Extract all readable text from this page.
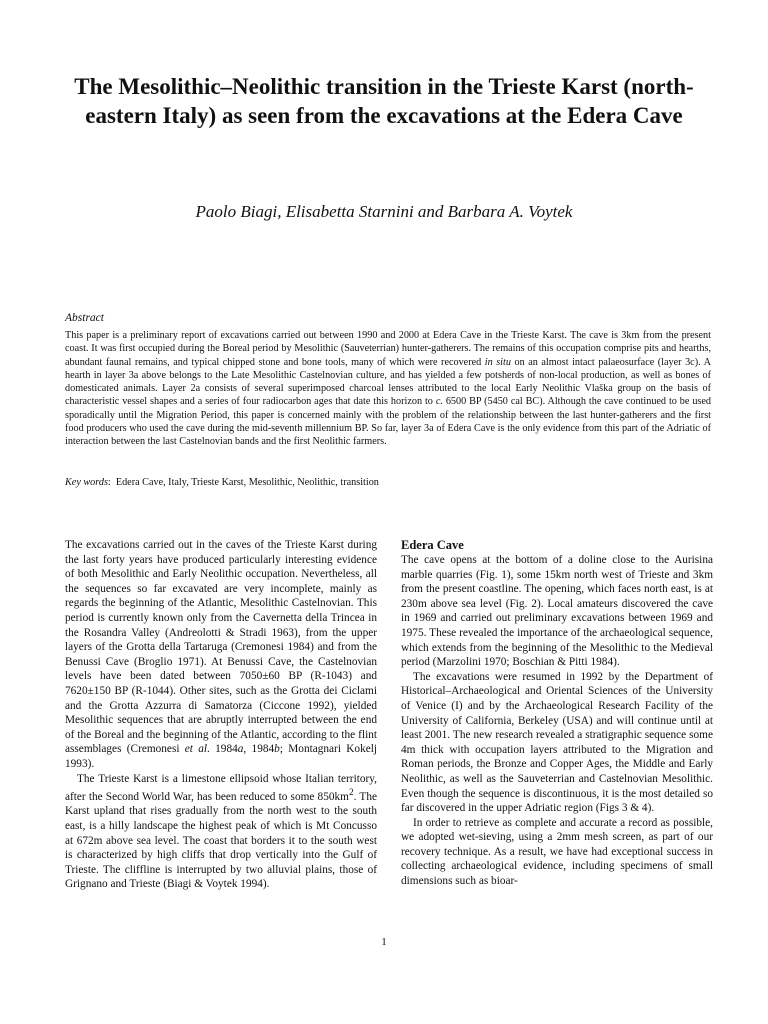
The Mesolithic–Neolithic transition in the Trieste Karst (north-eastern Italy) as seen from the excavations at the Edera Cave

Paolo Biagi, Elisabetta Starnini and Barbara A. Voytek

Abstract

This paper is a preliminary report of excavations carried out between 1990 and 2000 at Edera Cave in the Trieste Karst. The cave is 3km from the present coast. It was first occupied during the Boreal period by Mesolithic (Sauveterrian) hunter-gatherers. The remains of this occupation comprise pits and hearths, abundant faunal remains, and typical chipped stone and bone tools, many of which were recovered in situ on an almost intact palaeosurface (layer 3c). A hearth in layer 3a above belongs to the Late Mesolithic Castelnovian culture, and has yielded a few potsherds of non-local production, as well as bones of domesticated animals. Layer 2a consists of several superimposed charcoal lenses attributed to the local Early Neolithic Vlaška group on the basis of characteristic vessel shapes and a series of four radiocarbon ages that date this horizon to c. 6500 BP (5450 cal BC). Although the cave continued to be used sporadically until the Migration Period, this paper is concerned mainly with the problem of the relationship between the last hunter-gatherers and the first food producers who used the cave during the mid-seventh millennium BP. So far, layer 3a of Edera Cave is the only evidence from this part of the Adriatic of interaction between the last Castelnovian bands and the first Neolithic farmers.

Key words: Edera Cave, Italy, Trieste Karst, Mesolithic, Neolithic, transition

The excavations carried out in the caves of the Trieste Karst during the last forty years have produced particularly interesting evidence of both Mesolithic and Early Neolithic occupation. Nevertheless, all the sequences so far excavated are very incomplete, mainly as regards the beginning of the Atlantic, Mesolithic Castelnovian. This period is currently known only from the Cavernetta della Trincea in the Rosandra Valley (Andreolotti & Stradi 1963), from the upper layers of the Grotta della Tartaruga (Cremonesi 1984) and from the Benussi Cave (Broglio 1971). At Benussi Cave, the Castelnovian levels have been dated between 7050±60 BP (R-1043) and 7620±150 BP (R-1044). Other sites, such as the Grotta dei Ciclami and the Grotta Azzurra di Samatorza (Ciccone 1992), yielded Mesolithic sequences that are abruptly interrupted between the end of the Boreal and the beginning of the Atlantic, according to the flint assemblages (Cremonesi et al. 1984a, 1984b; Montagnari Kokelj 1993).

The Trieste Karst is a limestone ellipsoid whose Italian territory, after the Second World War, has been reduced to some $850km^2$. The Karst upland that rises gradually from the north west to the south east, is a hilly landscape the highest peak of which is Mt Concusso at 672m above sea level. The coast that borders it to the south west is characterized by high cliffs that drop vertically into the Gulf of Trieste. The cliffline is interrupted by two alluvial plains, those of Grignano and Trieste (Biagi & Voytek 1994).

Edera Cave

The cave opens at the bottom of a doline close to the Aurisina marble quarries (Fig. 1), some 15km north west of Trieste and 3km from the present coastline. The opening, which faces north east, is at 230m above sea level (Fig. 2). Local amateurs discovered the cave in 1969 and carried out preliminary excavations between 1969 and 1975. These revealed the importance of the archaeological sequence, which extends from the beginning of the Mesolithic to the Medieval period (Marzolini 1970; Boschian & Pitti 1984).

The excavations were resumed in 1992 by the Department of Historical–Archaeological and Oriental Sciences of the University of Venice (I) and by the Archaeological Research Facility of the University of California, Berkeley (USA) and will continue until at least 2001. The new research revealed a stratigraphic sequence some 4m thick with occupation layers attributed to the Migration and Roman periods, the Bronze and Copper Ages, the Middle and Early Neolithic, as well as the Sauveterrian and Castelnovian Mesolithic. Even though the sequence is discontinuous, it is the most detailed so far discovered in the upper Adriatic region (Figs 3 & 4).

In order to retrieve as complete and accurate a record as possible, we adopted wet-sieving, using a 2mm mesh screen, as part of our recovery technique. As a result, we have had exceptional success in collecting archaeological evidence, including specimens of small dimensions such as bioar-

1
